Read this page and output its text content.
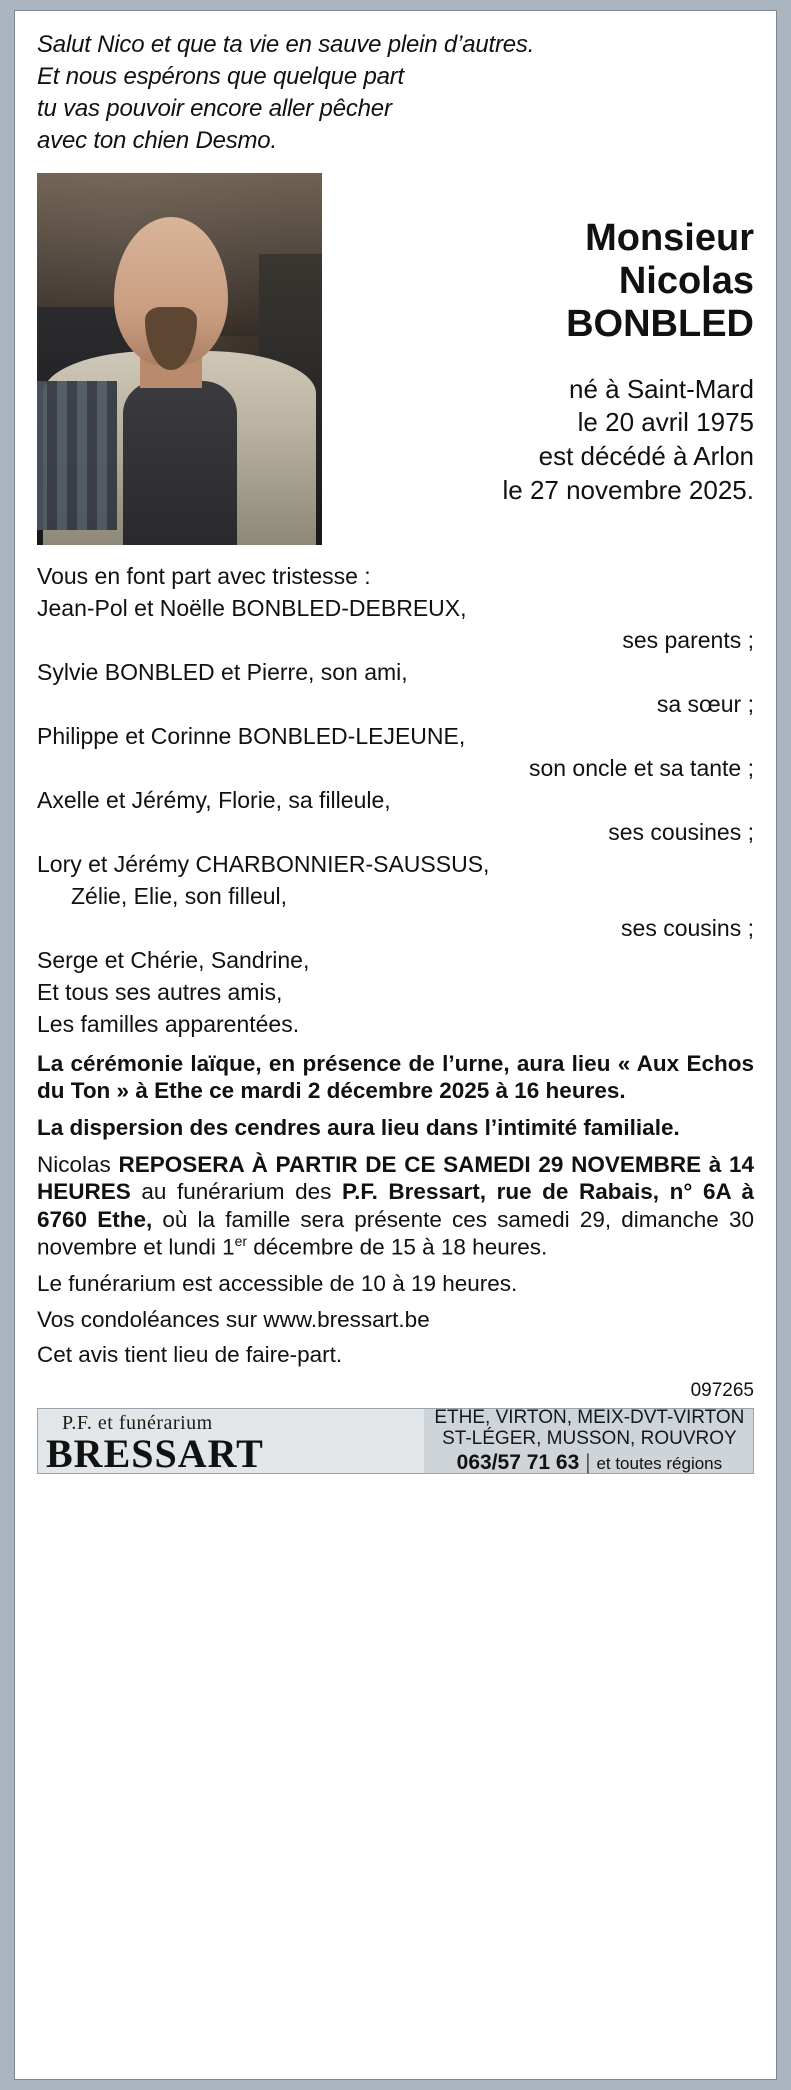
Salut Nico et que ta vie en sauve plein d’autres.
Et nous espérons que quelque part
tu vas pouvoir encore aller pêcher
avec ton chien Desmo.
Monsieur
Nicolas
BONBLED
né à Saint-Mard
le 20 avril 1975
est décédé à Arlon
le 27 novembre 2025.
Vous en font part avec tristesse :
Jean-Pol et Noëlle BONBLED-DEBREUX,
ses parents ;
Sylvie BONBLED et Pierre, son ami,
sa sœur ;
Philippe et Corinne BONBLED-LEJEUNE,
son oncle et sa tante ;
Axelle et Jérémy, Florie, sa filleule,
ses cousines ;
Lory et Jérémy CHARBONNIER-SAUSSUS,
Zélie, Elie, son filleul,
ses cousins ;
Serge et Chérie, Sandrine,
Et tous ses autres amis,
Les familles apparentées.

La cérémonie laïque, en présence de l’urne, aura lieu « Aux Echos du Ton » à Ethe ce mardi 2 décembre 2025 à 16 heures.

La dispersion des cendres aura lieu dans l’intimité familiale.

Nicolas REPOSERA À PARTIR DE CE SAMEDI 29 NOVEMBRE à 14 HEURES au funérarium des P.F. Bressart, rue de Rabais, n° 6A à 6760 Ethe, où la famille sera présente ces samedi 29, dimanche 30 novembre et lundi 1er décembre de 15 à 18 heures.
Le funérarium est accessible de 10 à 19 heures.
Vos condoléances sur www.bressart.be
Cet avis tient lieu de faire-part.
097265
P.F. et funérarium
BRESSART
ETHE, VIRTON, MEIX-DVT-VIRTON
ST-LÉGER, MUSSON, ROUVROY
063/57 71 63 | et toutes régions
